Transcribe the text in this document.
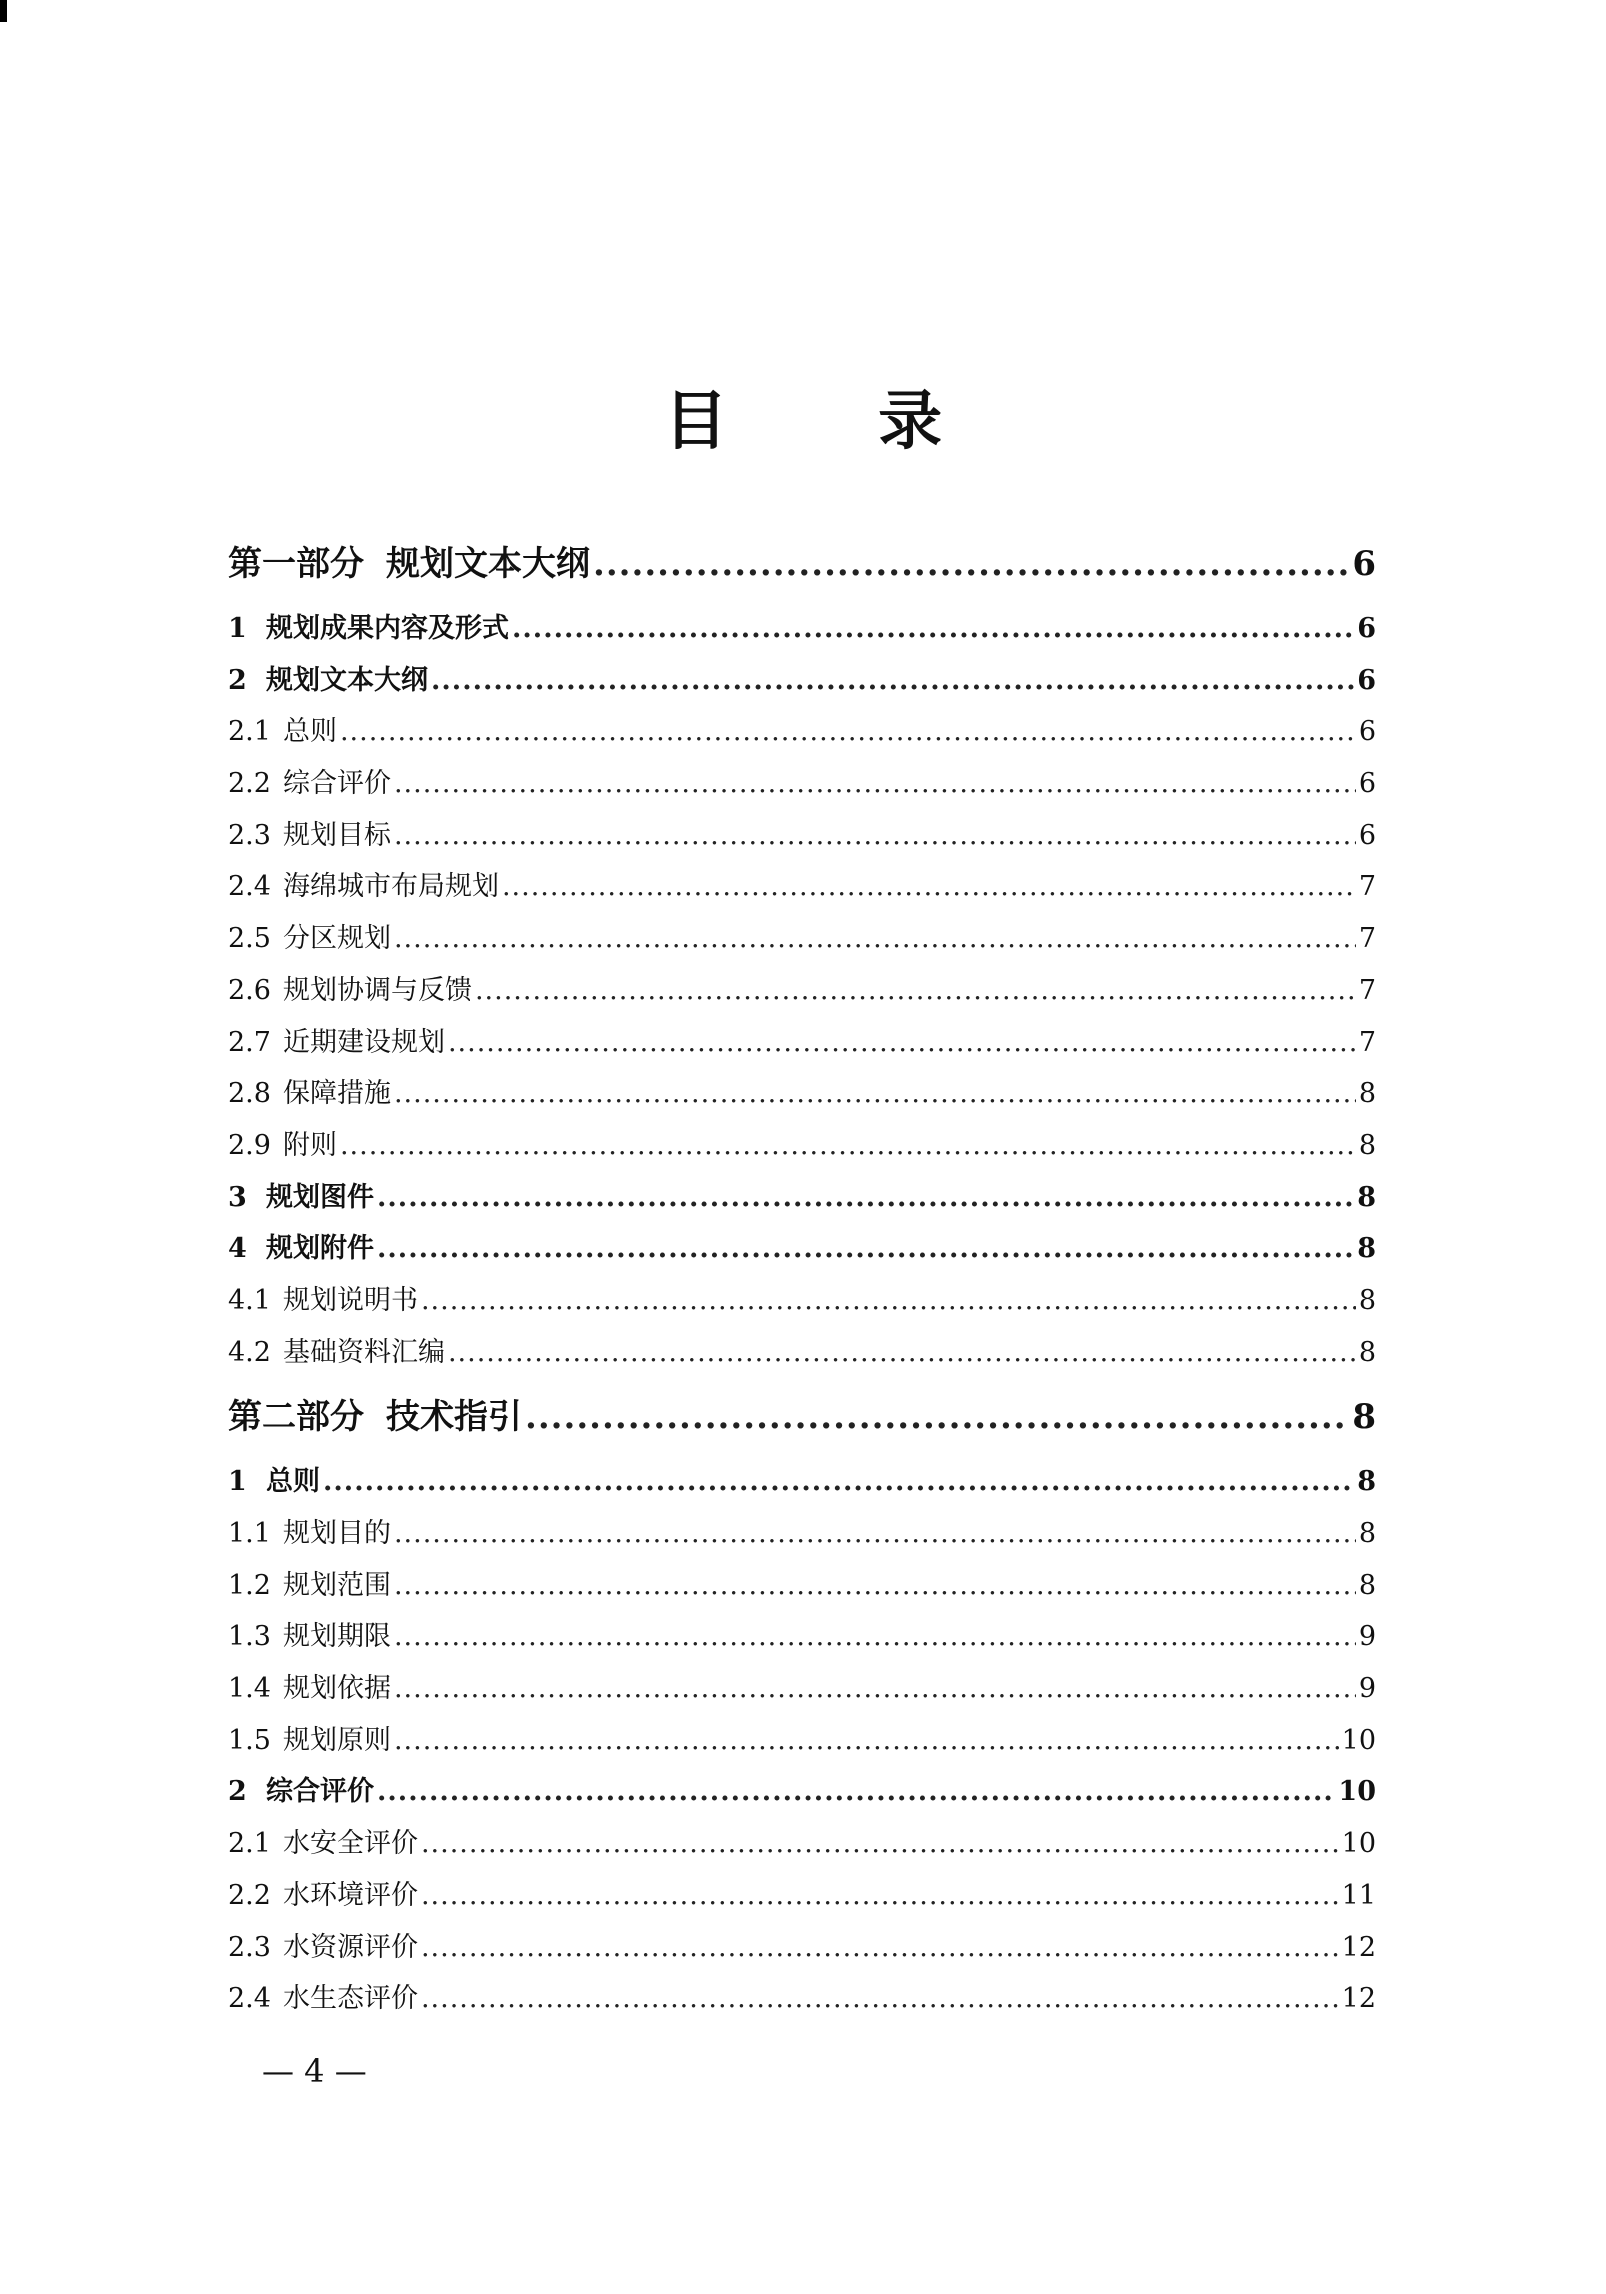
目 录
第一部分 规划文本大纲 .....	6
1 规划成果内容及形式 .....	6
2 规划文本大纲 .....	6
2.1 总则 .....	6
2.2 综合评价 .....	6
2.3 规划目标 .....	6
2.4 海绵城市布局规划 .....	7
2.5 分区规划 .....	7
2.6 规划协调与反馈 .....	7
2.7 近期建设规划 .....	7
2.8 保障措施 .....	8
2.9 附则 .....	8
3 规划图件 .....	8
4 规划附件 .....	8
4.1 规划说明书 .....	8
4.2 基础资料汇编 .....	8
第二部分 技术指引 .....	8
1 总则 .....	8
1.1 规划目的 .....	8
1.2 规划范围 .....	8
1.3 规划期限 .....	9
1.4 规划依据 .....	9
1.5 规划原则 .....	10
2 综合评价 .....	10
2.1 水安全评价 .....	10
2.2 水环境评价 .....	11
2.3 水资源评价 .....	12
2.4 水生态评价 .....	12
— 4 —
